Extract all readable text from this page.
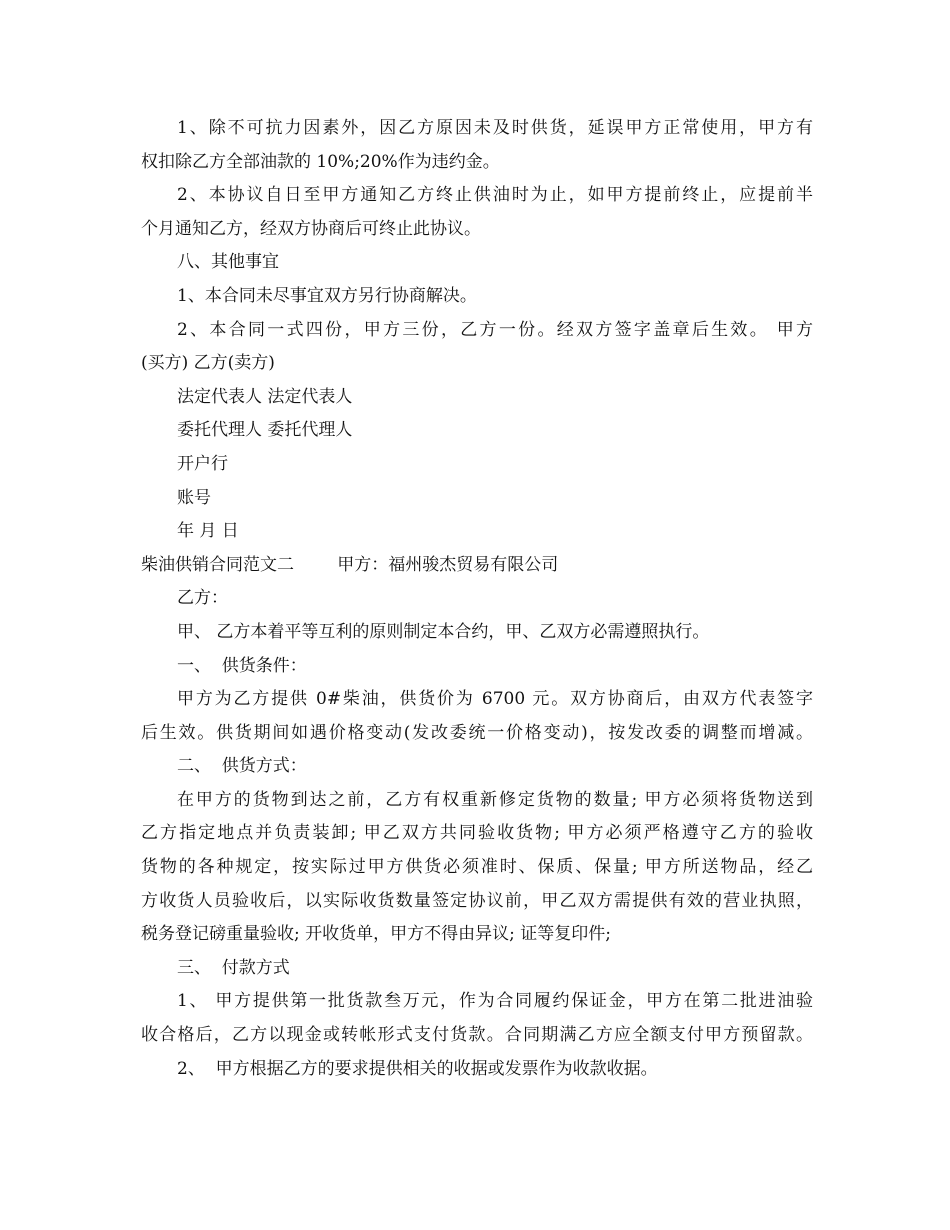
1、除不可抗力因素外，因乙方原因未及时供货，延误甲方正常使用，甲方有
权扣除乙方全部油款的 10%;20%作为违约金。
2、本协议自日至甲方通知乙方终止供油时为止，如甲方提前终止，应提前半
个月通知乙方，经双方协商后可终止此协议。
八、其他事宜
1、本合同未尽事宜双方另行协商解决。
2、本合同一式四份，甲方三份，乙方一份。经双方签字盖章后生效。 甲方
(买方) 乙方(卖方)
法定代表人 法定代表人
委托代理人 委托代理人
开户行
账号
年 月 日
柴油供销合同范文二        甲方：福州骏杰贸易有限公司
乙方：
甲、 乙方本着平等互利的原则制定本合约，甲、乙双方必需遵照执行。
一、  供货条件：
甲方为乙方提供 0#柴油，供货价为 6700 元。双方协商后，由双方代表签字
后生效。供货期间如遇价格变动(发改委统一价格变动)，按发改委的调整而增减。
二、  供货方式：
在甲方的货物到达之前，乙方有权重新修定货物的数量; 甲方必须将货物送到
乙方指定地点并负责装卸; 甲乙双方共同验收货物; 甲方必须严格遵守乙方的验收
货物的各种规定，按实际过甲方供货必须准时、保质、保量; 甲方所送物品，经乙
方收货人员验收后，以实际收货数量签定协议前，甲乙双方需提供有效的营业执照，
税务登记磅重量验收; 开收货单，甲方不得由异议; 证等复印件;
三、  付款方式
1、 甲方提供第一批货款叁万元，作为合同履约保证金，甲方在第二批进油验
收合格后，乙方以现金或转帐形式支付货款。合同期满乙方应全额支付甲方预留款。
2、  甲方根据乙方的要求提供相关的收据或发票作为收款收据。
